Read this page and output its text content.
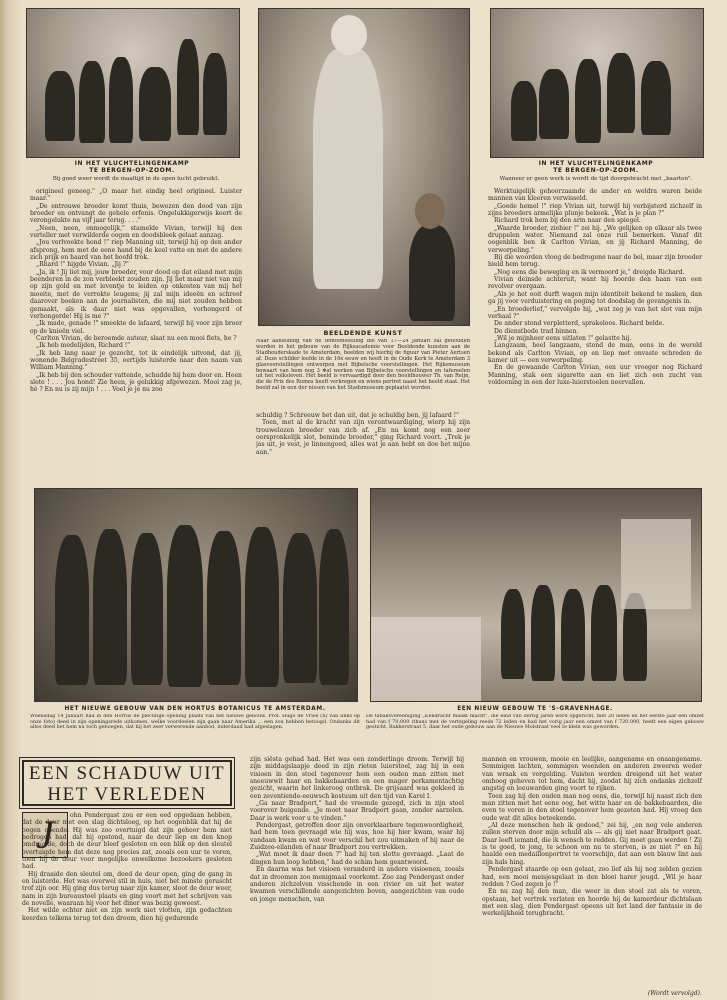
IN HET VLUCHTELINGENKAMP
TE BERGEN-OP-ZOOM.
Bij goed weer wordt de maaltijd in de open lucht gebruikt.
IN HET VLUCHTELINGENKAMP
TE BERGEN-OP-ZOOM.
Wanneer er geen werk is wordt de tijd doorgebracht met „kaarten".

origineel geneeg." „O maar het eindig heel origineel. Luister maar."

„De entrouwe broeder komt thuis, bewezen den dood van zijn broeder en ontvangt de gehele erfenis. Ongelukkigerwijs keert de verongelukte na vijf jaar terug. . . ."

„Neen, neen, onmogelijk," stamelde Vivian, terwijl hij den verteller met verwilderde oogen en doodsbleek gelaat aanzag.

„Jou verlvoekte hond !" riep Manning uit, terwijl hij op den ander afsprong, hem met de eene hand bij de keel vatte en met de andere zich prijk en haard van het hoofd trok.

„Rhard !" hijgde Vivian. „Jij ?"

„Ja, ik ! Jij liet mij, jouw broeder, voor dood op dat eiland met mijn beenderen in de zon verbleekt zouden zijn. Jij liet maar niet van mij op zijn gold en met leventje te leiden op onkosten van mij het moeite, met de verrokte leugens; jij zal mijn ideeën en schreef daarover boeken aan de journalisten, die mij niet zouden hebben gemaakt, als ik daar niet was opgevallen, verhongerd of verhongerde! Hij is me ?"

„Ik made, genade !" smeekte de lafaard, terwijl hij voor zijn broer op de knieën viel.

Carlton Vivian, de beroemde auteur, slaat nu een mooi fiets, he ?

„Ik heb medelijden, Richard !"

„Ik heb lang naar je gezocht, tot ik eindelijk uitvond, dat jij, wonende Belgradestreet 35, eertijds luisterde naar den naam van William Manning."

„Ik heb bij den schouder vattende, schudde hij hem door en. Heen slete ! . . . Jou hond! Zie heen, je gelukkig afgewezen. Mooi zag je, hè ? En nu is zij mijn ! . . . Voel je je nu zoo

BEELDENDE KUNST
Naar aanleiding van de tentoonstelling die van 17—24 Januari zal gehouden worden in het gebouw van de Rijksacademie voor Beeldende kunsten aan de Stadhouderskade te Amsterdam, beelden wij hierbij de figuur van Pieter Aertsen af. Deze schilder leefde in de 16e eeuw en heeft in de Oude Kerk te Amsterdam 3 glasvoorstellingen ontworpen met Bijbelsche voorstellingen. Het Rijksmuseum bewaart van hem nog 3 ✻al werken van Bijbelsche voorstellingen en tafereelen uit het volksleven. Het beeld is vervaardigd door den beeldhouwer Th. van Reijn, die de Prix des Romes heeft verkregen en wiens portret naast het beeld staat. Het beeld zal in een der nissen van het Stadsmuseum geplaatst worden.

schuldig ? Schreeuw het dan uit, dat je schuldig ben, jij lafaard !"

Toen, met al de kracht van zijn verontwaardiging, wierp hij zijn trouwelozen broeder van zich af. „En nu komt nog een zeer oorspronkelijk slot, beminde broeder," ging Richard voort. „Trek je jas uit, je vest, je linnengoed, alles wat je aan hebt en doe het mijne aan."

Werktuigelijk gehoorzaamde de ander en weldra waren beide mannen van kleeren verwisseld.

„Goede hemel !" riep Vivian uit, terwijl hij verbijsterd zichzelf in zijns broeders armelijke plunje bekeek. „Wat is je plan ?"

Richard trok hem bij den arm naar den spiegel.

„Waarde broeder, ziehier !" zei hij. „We gelijken op elkaar als twee druppelen water. Niemand zal onze ruil bemerken. Vanaf dit oogenblik ben ik Carlton Vivian, en jij Richard Manning, de verworpeling."

Bij die woorden vloog de bedrogene naar de bel, maar zijn broeder hield hem terug.

„Nog eens die beweging en ik vermoord je," dreigde Richard.

Vivian deinsde achteruit, want hij hoorde den haan van een revolver overgaan.

„Als je het ooit durft wagen mijn identiteit bekend te maken, dan ga jij voor verduistering en poging tot doodslag de gevangenis in.

„En broederlief," vervolgde hij, „wat zeg je van het slot van mijn verhaal ?"

De ander stond verpletterd, sprakeloos. Richard belde.

De dienstbode trad binnen.

„Wil je mijnheer eens uitlaten !" gelastte hij.

Langzaam, heel langzaam, stond de man, eens in de wereld bekend als Carlton Vivian, op en liep met onvaste schreden de kamer uit — een verworpeling.

En de gewaande Carlton Vivian, een uur vroeger nog Richard Manning, stak een sigarette aan en liet zich een zucht van voldoening in een der luxe-luierstoelen neervallen.

HET NIEUWE GEBOUW VAN DEN HORTUS BOTANICUS TE AMSTERDAM.
Woensdag 14 Januari had in den Hortus de plechtige opening plaats van het nieuwe gebouw. Prof. Hugo de Vries (X) van links op onze foto) deed in zijn openingsrede uitkomen, welke voordeelen zijn gaan naar Amerika ... een zou hebben betoogd. Ondanks dit alles deed het hem nu toch genoegen, dat hij het zeer verwerende aanbod, inderdaad had afgeslagen.
EEN NIEUW GEBOUW TE 'S-GRAVENHAGE.
De tabaksvereeniging „Eendracht maakt macht", die eind van dertig jaren werd opgericht, met 20 leden en het eerste jaar een omzet had van f 70.000 (thans met de vertegeling reeds 72 leden en had het vorig jaar een omzet van f 720.000, heeft een eigen gebouw gesticht, Bakkerstraat 5, daar het oude gebouw aan de Nieuwe Molstraat veel te klein was geworden.
EEN SCHADUW UIT
HET VERLEDEN
J	ohn Pendergast zou er een eed opgedaan hebben, dat de deur met een slag dichtsloeg, op het oogenblik dat hij de oogen opende. Hij was zoo overtuigd dat zijn gehoor hem niet bedrogen had, dat hij opstond, naar de deur liep en den knop omdraaide, doch de deur bleef gesloten en een blik op den sleutel overtuigde hem dat deze nog precies zat, zooals een uur te voren, toen hij de deur voor mogelijke onwelkome bezoekers gesloten had.

Hij draaide den sleutel om, deed de deur open, ging de gang in en luisterde. Het was overwel stil in huis, niet het minste geruscht trof zijn oor. Hij ging dus terug naar zijn kamer, sloot de deur weer, nam in zijn bureaustoel plaats en ging voort met het schrijven van de novelle, waaraan hij voor het diner was bezig geweest.

Het wilde echter niet en zijn werk niet vlotten, zijn gedachten keerden telkens terug tot den droom, dien hij gedurende

zijn siësta gehad had. Het was een zonderlinge droom. Terwijl hij zijn middagslaapje deed in zijn rieten luierstoel, zag hij in een visioen in den stoel tegenover hem een ouden man zitten met sneeuwwit haar en bakkebaarden en een mager perkamentachtig gezicht, waarin het linkeroog ontbrak. De grijsaard was gekleed in een zeventiende-eeuwsch kostuum uit den tijd van Karel I.

„Ga naar Bradport," had de vreemde gezegd, zich in zijn stoel voorover buigende. „Je moet naar Bradport gaan, zonder aarzelen. Daar is werk voor u te vinden."

Pendergast, getroffen door zijn onverklaarbare tegenwoordigheid, had hem toen gevraagd wie hij was, hoe hij hier kwam, waar hij vandaan kwam en wat voor verschil het zou uitmaken of hij naar de Zuidzee-eilanden of naar Bradport zou vertrekken.

„Wat moet ik daar doen ?" had hij ten slotte gevraagd. „Laat de dingen hun loop hebben," had de schim hem geantwoord.

En daarna was het visioen veranderd in andere visioenen, zooals dat in droomen zoo menigmaal voorkomt. Zoo zag Pendergast onder anderen zichzelven visschende in een rivier en uit het water kwamen verschillende aangezichten boven, aangezichten van oude en jonge menschen, van

mannen en vrouwen, mooie en leelijke, aangename en onaangename. Sommigen lachten, sommigen weenden en anderen zweeren weder van wraak en vergelding. Vuisten werden dreigend uit het water omhoog geheven tot hem, dacht hij, zoodat hij zich ondanks zichzelf angstig en leeuwarden ging voort te rijken.

Toen zag hij den ouden man nog eens, die, terwijl hij naast zich den man zitten met het eene oog, het witte haar en de bakkebaarden, die even te voren in den stoel tegenover hem gezeten had. Hij vroeg den oude wat dit alles beteekende.

„Al deze menschen heb ik gedood," zei hij, „en nog vele anderen zullen sterven door mijn schuld als — als gij niet naar Bradport gaat. Daar leeft iemand, die ik wensch te redden. Gij moet gaan werden ! Zij is te goed, te jong, te schoon om nu te sterven, is ze niet ?" en hij haalde een medaillonportret te voorschijn, dat aan een blauw lint aan zijn hals hing.

Pendergast staarde op een gelaat, zoo lief als hij nog zelden gezien had, een mooi meisjesgelaat in den bloei harer jeugd. „Wil je haar redden ? God zegen je !"

En nu zag hij den man, die weer in den stoel zat als te voren, opstaan, het vertrek verlaten en hoorde hij de kamerdeur dichtslaan met een slag, dien Pendergast opeens uit het land der fantasie in de werkelijkheid terugbracht.

(Wordt vervolgd).
